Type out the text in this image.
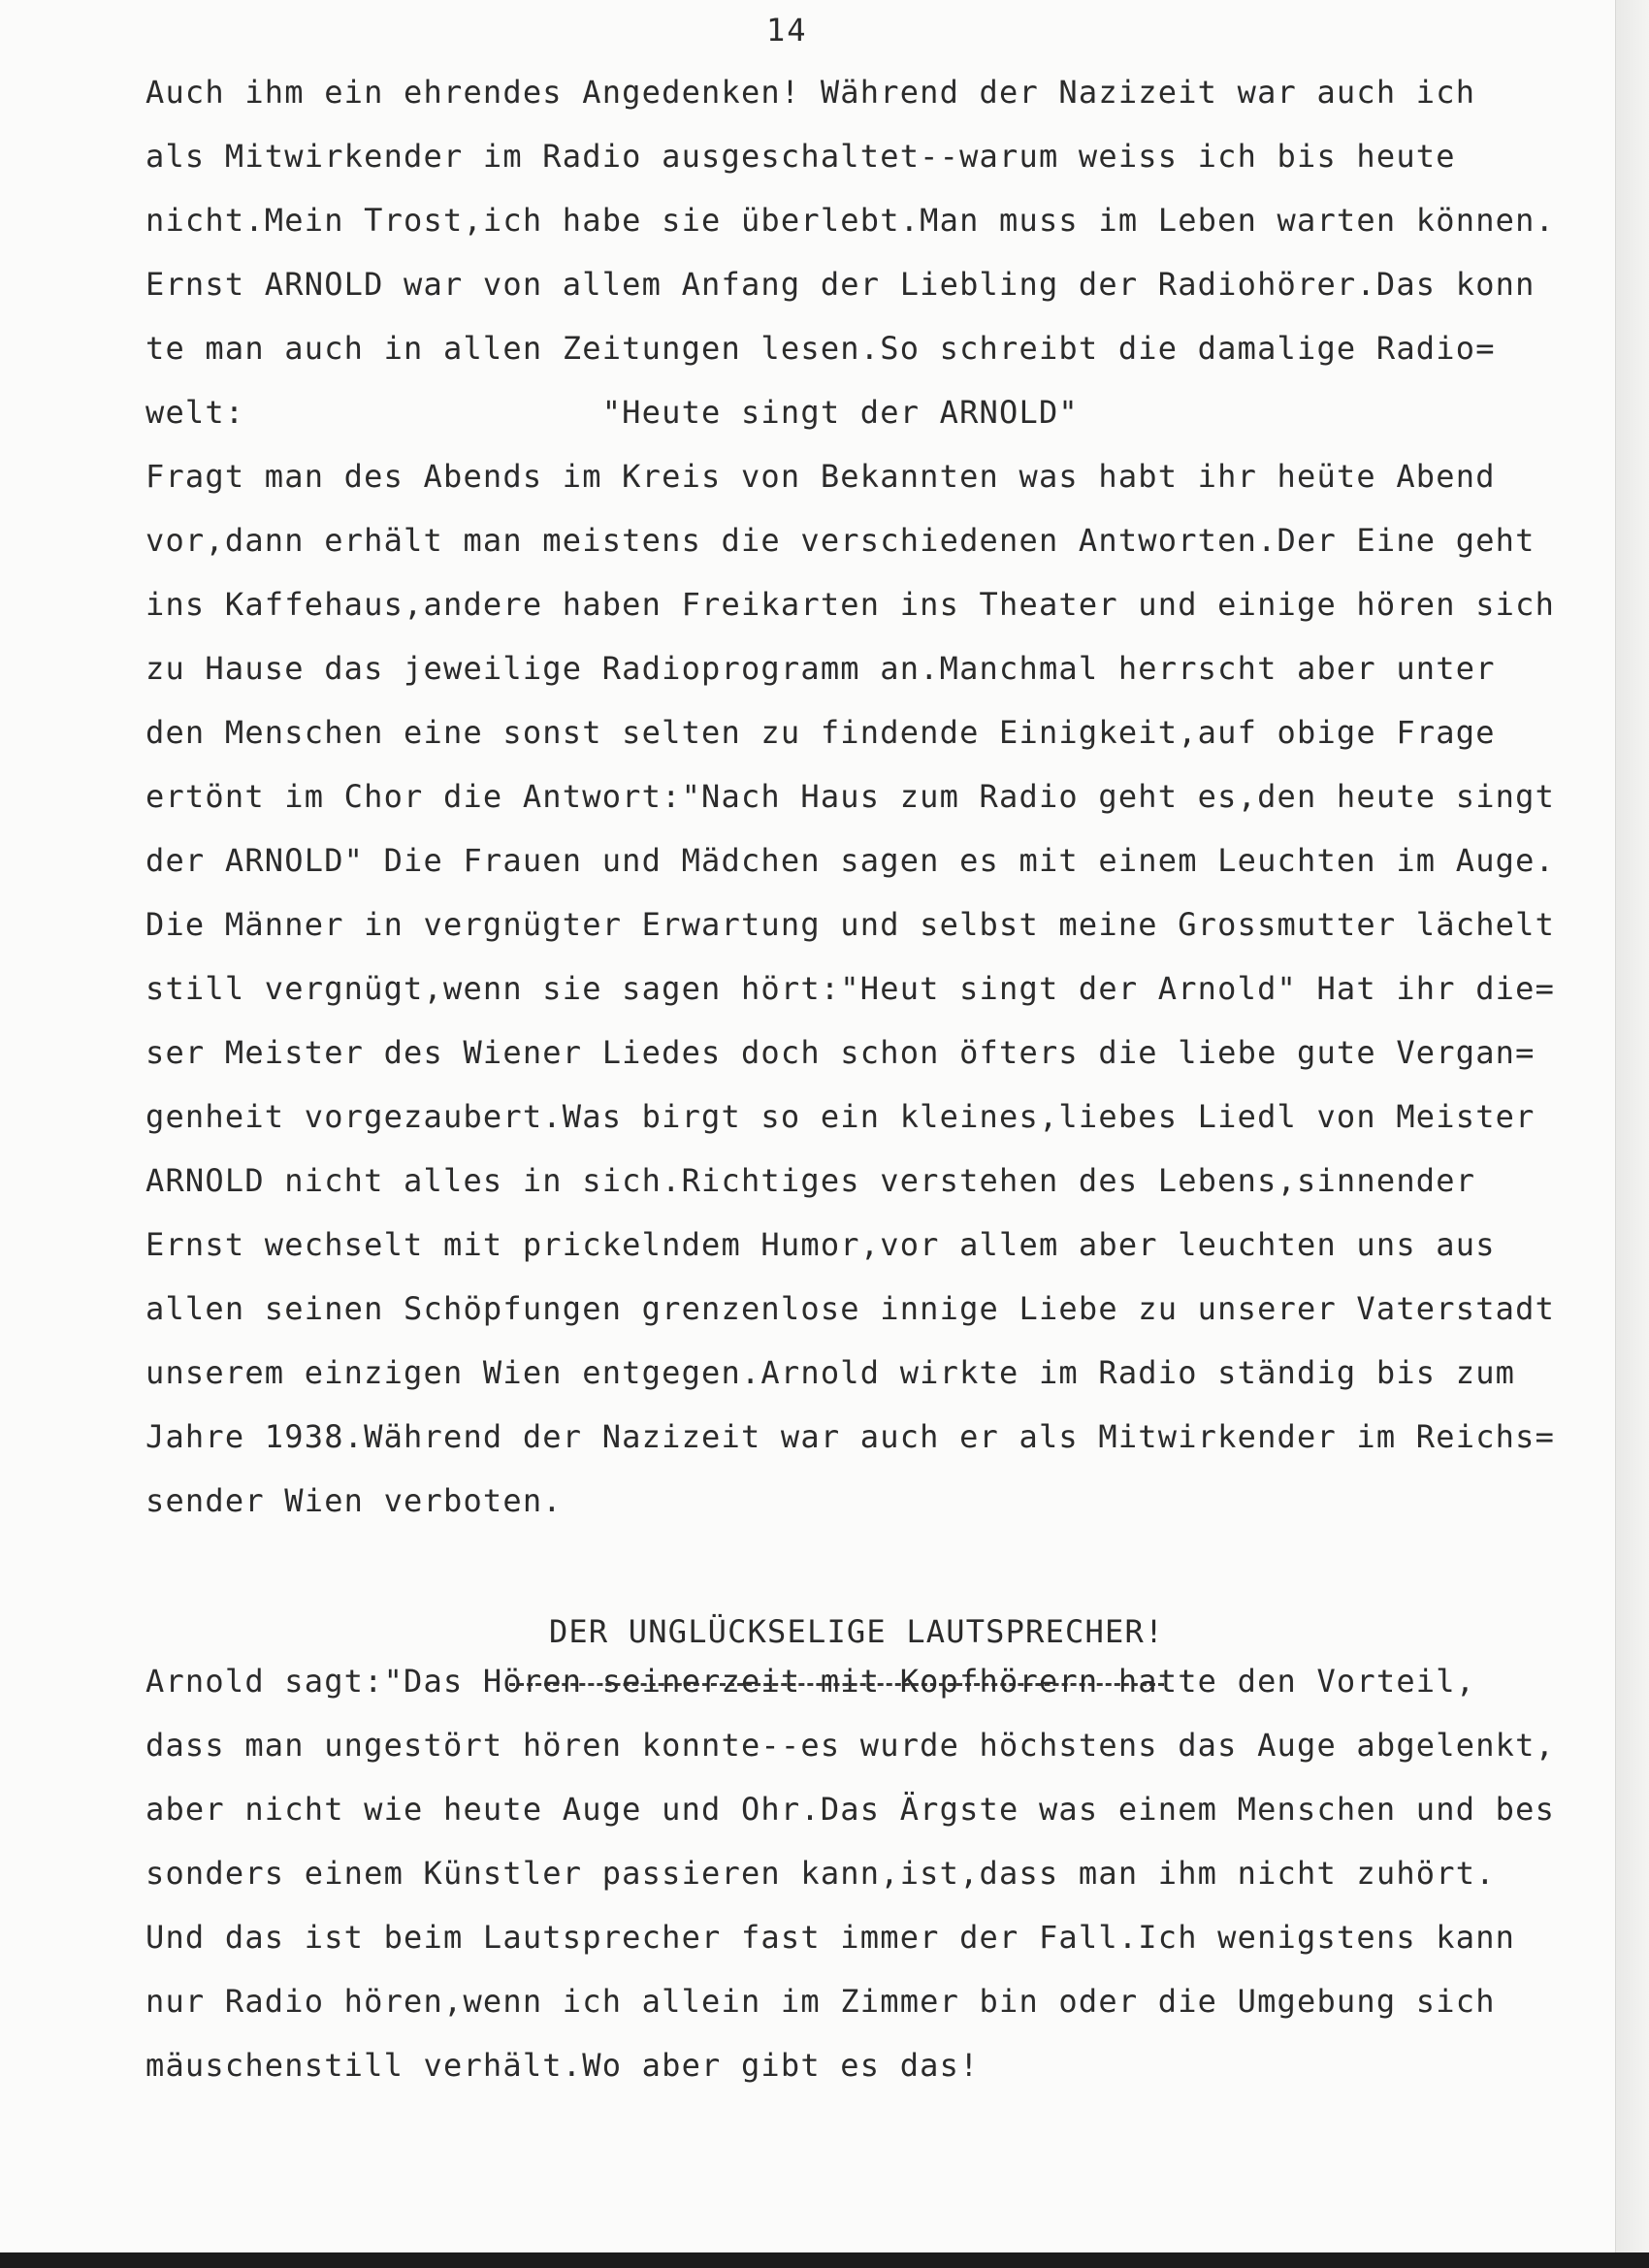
14
Auch ihm ein ehrendes Angedenken! Während der Nazizeit war auch ich
als Mitwirkender im Radio ausgeschaltet--warum weiss ich bis heute
nicht.Mein Trost,ich habe sie überlebt.Man muss im Leben warten können.
Ernst ARNOLD war von allem Anfang der Liebling der Radiohörer.Das konn
te man auch in allen Zeitungen lesen.So schreibt die damalige Radio=
welt:                  "Heute singt der ARNOLD"
Fragt man des Abends im Kreis von Bekannten was habt ihr heüte Abend
vor,dann erhält man meistens die verschiedenen Antworten.Der Eine geht
ins Kaffehaus,andere haben Freikarten ins Theater und einige hören sich
zu Hause das jeweilige Radioprogramm an.Manchmal herrscht aber unter
den Menschen eine sonst selten zu findende Einigkeit,auf obige Frage
ertönt im Chor die Antwort:"Nach Haus zum Radio geht es,den heute singt
der ARNOLD" Die Frauen und Mädchen sagen es mit einem Leuchten im Auge.
Die Männer in vergnügter Erwartung und selbst meine Grossmutter lächelt
still vergnügt,wenn sie sagen hört:"Heut singt der Arnold" Hat ihr die=
ser Meister des Wiener Liedes doch schon öfters die liebe gute Vergan=
genheit vorgezaubert.Was birgt so ein kleines,liebes Liedl von Meister
ARNOLD nicht alles in sich.Richtiges verstehen des Lebens,sinnender
Ernst wechselt mit prickelndem Humor,vor allem aber leuchten uns aus
allen seinen Schöpfungen grenzenlose innige Liebe zu unserer Vaterstadt
unserem einzigen Wien entgegen.Arnold wirkte im Radio ständig bis zum
Jahre 1938.Während der Nazizeit war auch er als Mitwirkender im Reichs=
sender Wien verboten.

DER UNGLÜCKSELIGE LAUTSPRECHER!

Arnold sagt:"Das Hören seinerzeit mit Kopfhörern hatte den Vorteil,
dass man ungestört hören konnte--es wurde höchstens das Auge abgelenkt,
aber nicht wie heute Auge und Ohr.Das Ärgste was einem Menschen und bes
sonders einem Künstler passieren kann,ist,dass man ihm nicht zuhört.
Und das ist beim Lautsprecher fast immer der Fall.Ich wenigstens kann
nur Radio hören,wenn ich allein im Zimmer bin oder die Umgebung sich
mäuschenstill verhält.Wo aber gibt es das!
